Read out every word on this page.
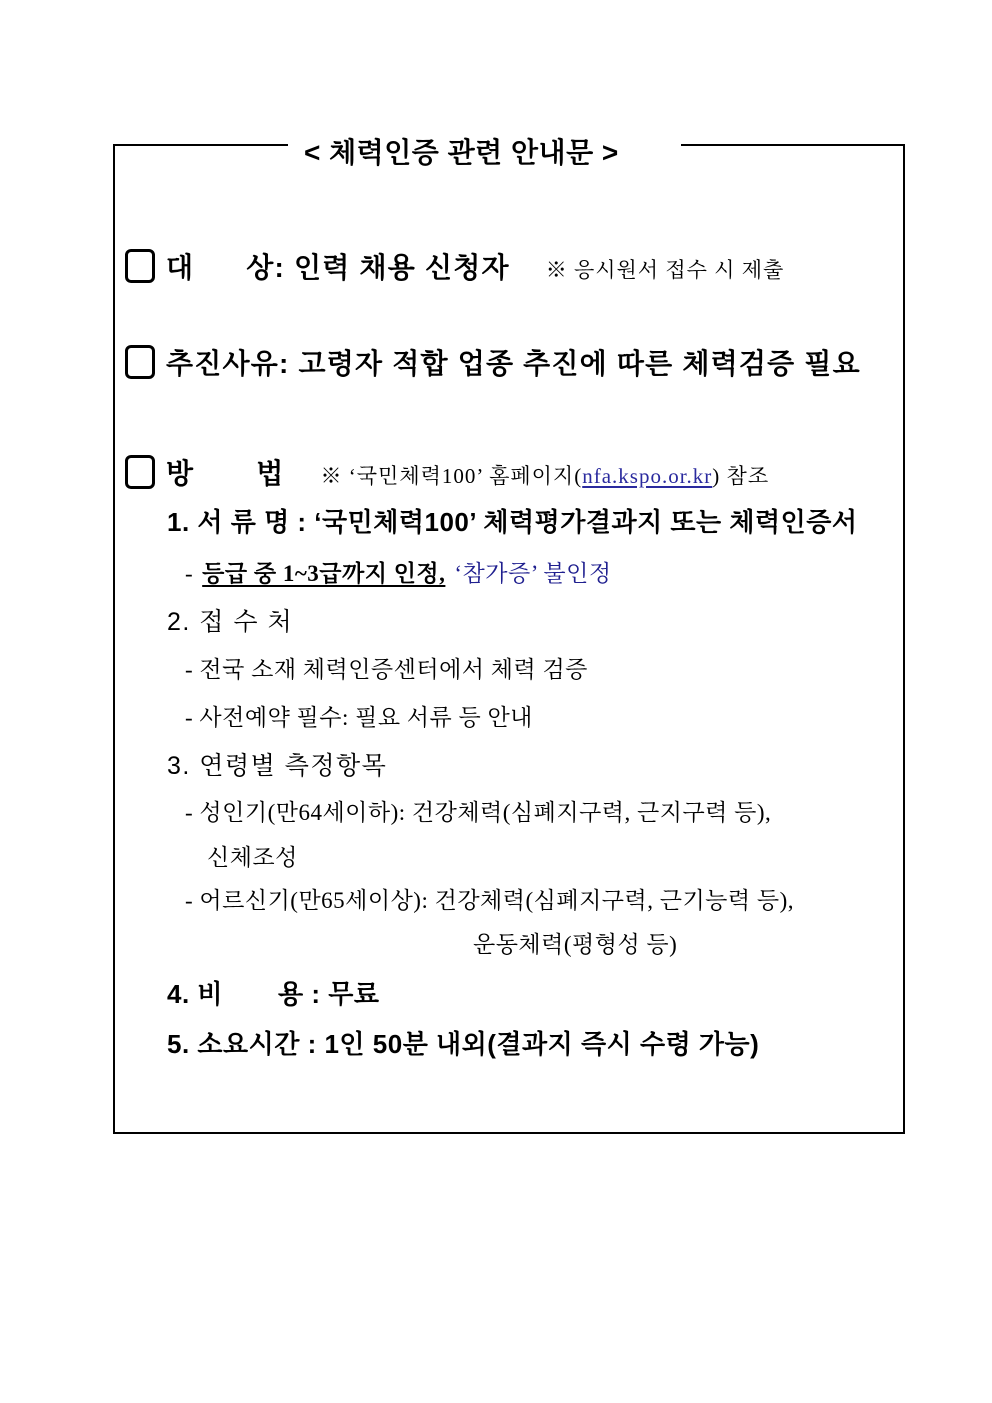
대 상: 인력 채용 신청자 ※ 응시원서 접수 시 제출
추진사유: 고령자 적합 업종 추진에 따른 체력검증 필요
방 법 ※ ‘국민체력100’ 홈페이지(nfa.kspo.or.kr) 참조
1. 서 류 명 : ‘국민체력100’ 체력평가결과지 또는 체력인증서
- 등급 중 1~3급까지 인정, ‘참가증’ 불인정
2. 접 수 처
- 전국 소재 체력인증센터에서 체력 검증
- 사전예약 필수: 필요 서류 등 안내
3. 연령별 측정항목
- 성인기(만64세이하): 건강체력(심폐지구력, 근지구력 등),
신체조성
- 어르신기(만65세이상): 건강체력(심폐지구력, 근기능력 등),
운동체력(평형성 등)
4. 비 용 : 무료
5. 소요시간 : 1인 50분 내외(결과지 즉시 수령 가능)
< 체력인증 관련 안내문 >
